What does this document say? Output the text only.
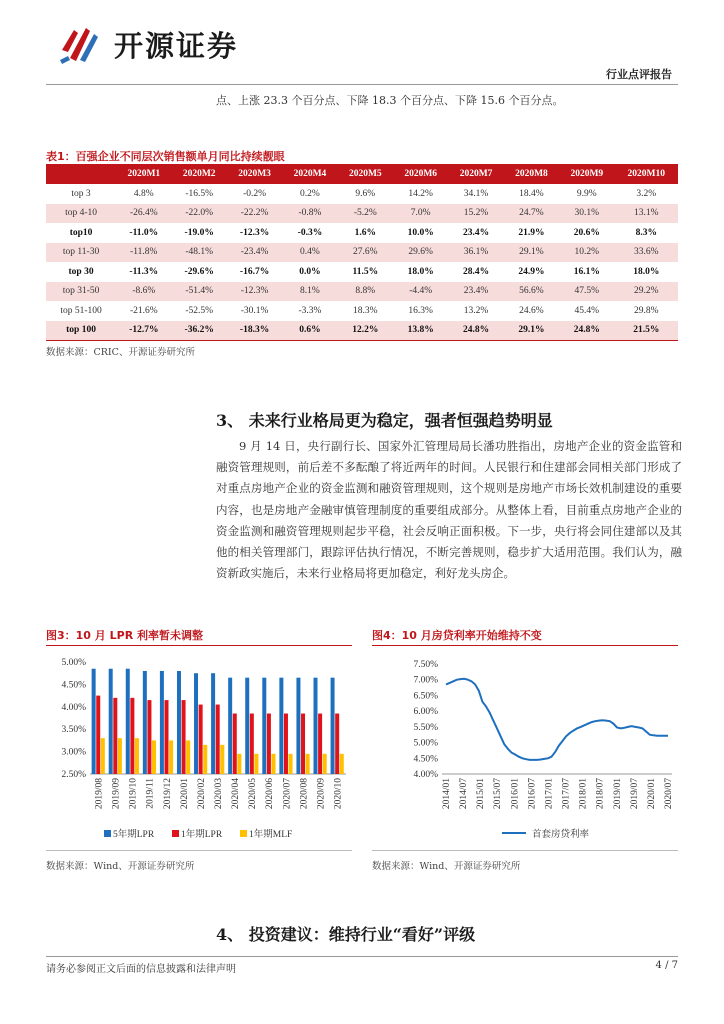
开源证券
行业点评报告
点、上涨 23.3 个百分点、下降 18.3 个百分点、下降 15.6 个百分点。
表1：百强企业不同层次销售额单月同比持续靓眼
	2020M1	2020M2	2020M3	2020M4	2020M5	2020M6	2020M7	2020M8	2020M9	2020M10
top 3	4.8%	-16.5%	-0.2%	0.2%	9.6%	14.2%	34.1%	18.4%	9.9%	3.2%
top 4-10	-26.4%	-22.0%	-22.2%	-0.8%	-5.2%	7.0%	15.2%	24.7%	30.1%	13.1%
top10	-11.0%	-19.0%	-12.3%	-0.3%	1.6%	10.0%	23.4%	21.9%	20.6%	8.3%
top 11-30	-11.8%	-48.1%	-23.4%	0.4%	27.6%	29.6%	36.1%	29.1%	10.2%	33.6%
top 30	-11.3%	-29.6%	-16.7%	0.0%	11.5%	18.0%	28.4%	24.9%	16.1%	18.0%
top 31-50	-8.6%	-51.4%	-12.3%	8.1%	8.8%	-4.4%	23.4%	56.6%	47.5%	29.2%
top 51-100	-21.6%	-52.5%	-30.1%	-3.3%	18.3%	16.3%	13.2%	24.6%	45.4%	29.8%
top 100	-12.7%	-36.2%	-18.3%	0.6%	12.2%	13.8%	24.8%	29.1%	24.8%	21.5%
数据来源：CRIC、开源证券研究所
3、 未来行业格局更为稳定，强者恒强趋势明显
9 月 14 日，央行副行长、国家外汇管理局局长潘功胜指出，房地产企业的资金监管和融资管理规则，前后差不多酝酿了将近两年的时间。人民银行和住建部会同相关部门形成了对重点房地产企业的资金监测和融资管理规则，这个规则是房地产市场长效机制建设的重要内容，也是房地产金融审慎管理制度的重要组成部分。从整体上看，目前重点房地产企业的资金监测和融资管理规则起步平稳，社会反响正面积极。下一步，央行将会同住建部以及其他的相关管理部门，跟踪评估执行情况，不断完善规则，稳步扩大适用范围。我们认为，融资新政实施后，未来行业格局将更加稳定，利好龙头房企。
图3：10 月 LPR 利率暂未调整
5.00%
4.50%
4.00%
3.50%
3.00%
2.50%
2019/08 2019/09 2019/10 2019/11 2019/12 2020/01 2020/02 2020/03 2020/04 2020/05 2020/06 2020/07 2020/08 2020/09 2020/10
5年期LPR	1年期LPR	1年期MLF
数据来源：Wind、开源证券研究所
图4：10 月房贷利率开始维持不变
7.50%
7.00%
6.50%
6.00%
5.50%
5.00%
4.50%
4.00%
2014/01 2014/07 2015/01 2015/07 2016/01 2016/07 2017/01 2017/07 2018/01 2018/07 2019/01 2019/07 2020/01 2020/07
首套房贷利率
数据来源：Wind、开源证券研究所
4、 投资建议：维持行业“看好”评级
请务必参阅正文后面的信息披露和法律声明	4 / 7
